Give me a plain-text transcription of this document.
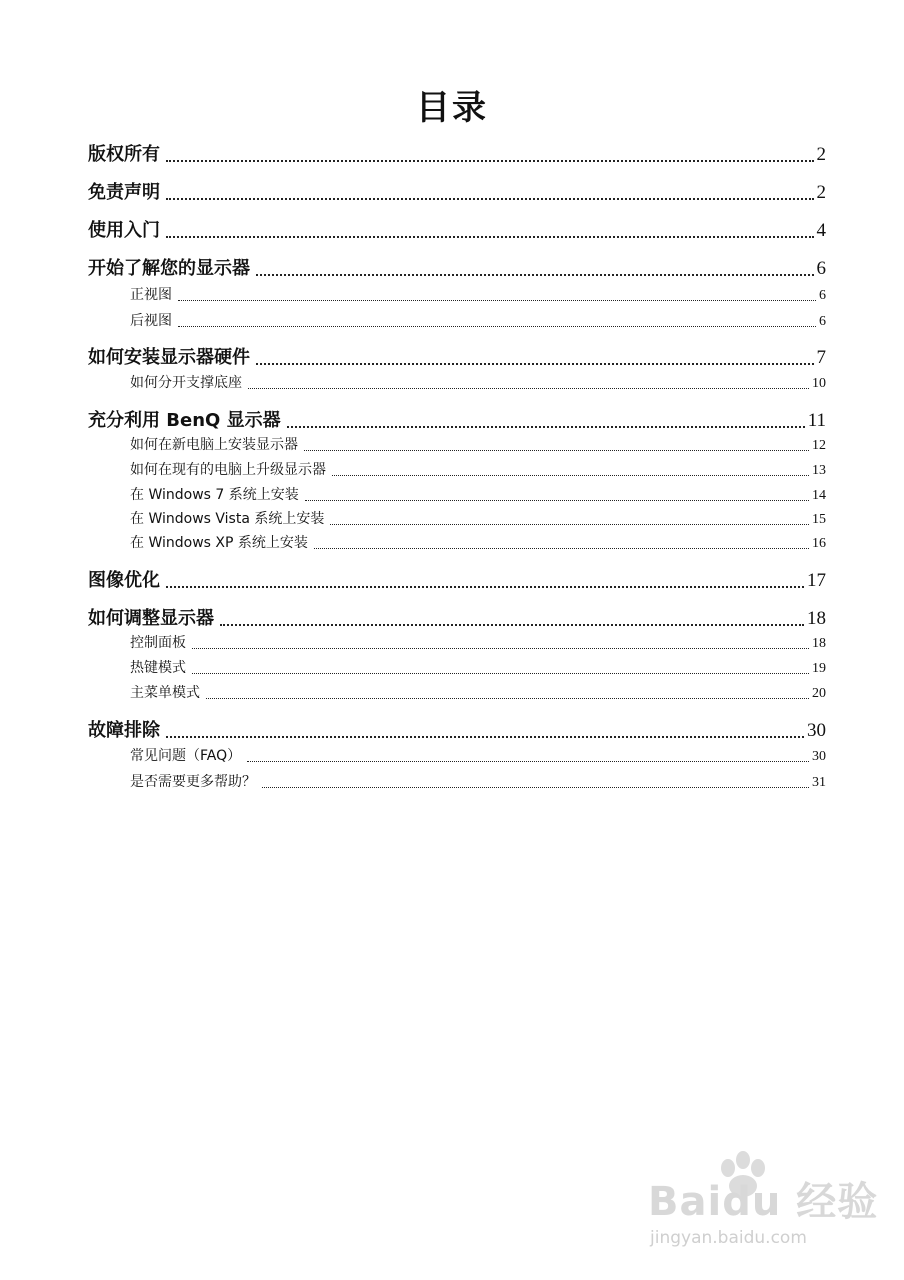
目录
版权所有	2
免责声明	2
使用入门	4
开始了解您的显示器	6
正视图	6
后视图	6
如何安装显示器硬件	7
如何分开支撑底座	10
充分利用 BenQ 显示器	11
如何在新电脑上安装显示器	12
如何在现有的电脑上升级显示器	13
在 Windows 7 系统上安装	14
在 Windows Vista 系统上安装	15
在 Windows XP 系统上安装	16
图像优化	17
如何调整显示器	18
控制面板	18
热键模式	19
主菜单模式	20
故障排除	30
常见问题（FAQ）	30
是否需要更多帮助？	31
Baidu 经验
jingyan.baidu.com
